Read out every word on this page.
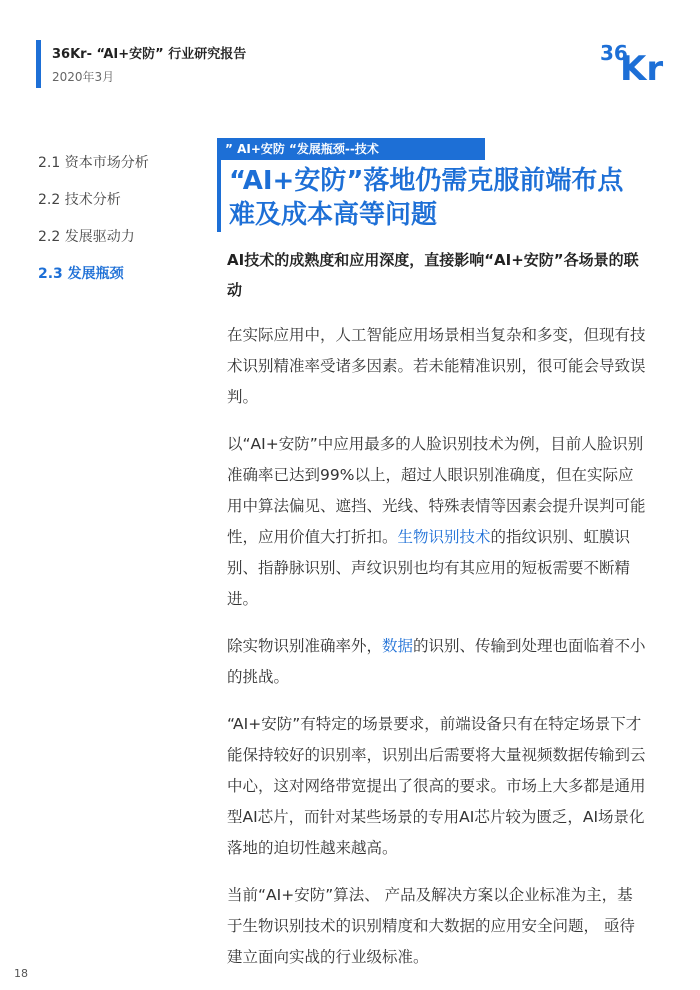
36Kr- “AI+安防” 行业研究报告
2020年3月
36
Kr
2.1 资本市场分析
2.2 技术分析
2.2 发展驱动力
2.3 发展瓶颈
” AI+安防 “发展瓶颈--技术
“AI+安防”落地仍需克服前端布点难及成本高等问题

AI技术的成熟度和应用深度，直接影响“AI+安防”各场景的联动

在实际应用中，人工智能应用场景相当复杂和多变，但现有技术识别精准率受诸多因素。若未能精准识别，很可能会导致误判。

以“AI+安防”中应用最多的人脸识别技术为例，目前人脸识别准确率已达到99%以上，超过人眼识别准确度，但在实际应用中算法偏见、遮挡、光线、特殊表情等因素会提升误判可能性，应用价值大打折扣。生物识别技术的指纹识别、虹膜识别、指静脉识别、声纹识别也均有其应用的短板需要不断精进。

除实物识别准确率外，数据的识别、传输到处理也面临着不小的挑战。

“AI+安防”有特定的场景要求，前端设备只有在特定场景下才能保持较好的识别率，识别出后需要将大量视频数据传输到云中心，这对网络带宽提出了很高的要求。市场上大多都是通用型AI芯片，而针对某些场景的专用AI芯片较为匮乏，AI场景化落地的迫切性越来越高。

当前“AI+安防”算法、 产品及解决方案以企业标准为主，基于生物识别技术的识别精度和大数据的应用安全问题， 亟待建立面向实战的行业级标准。

18
